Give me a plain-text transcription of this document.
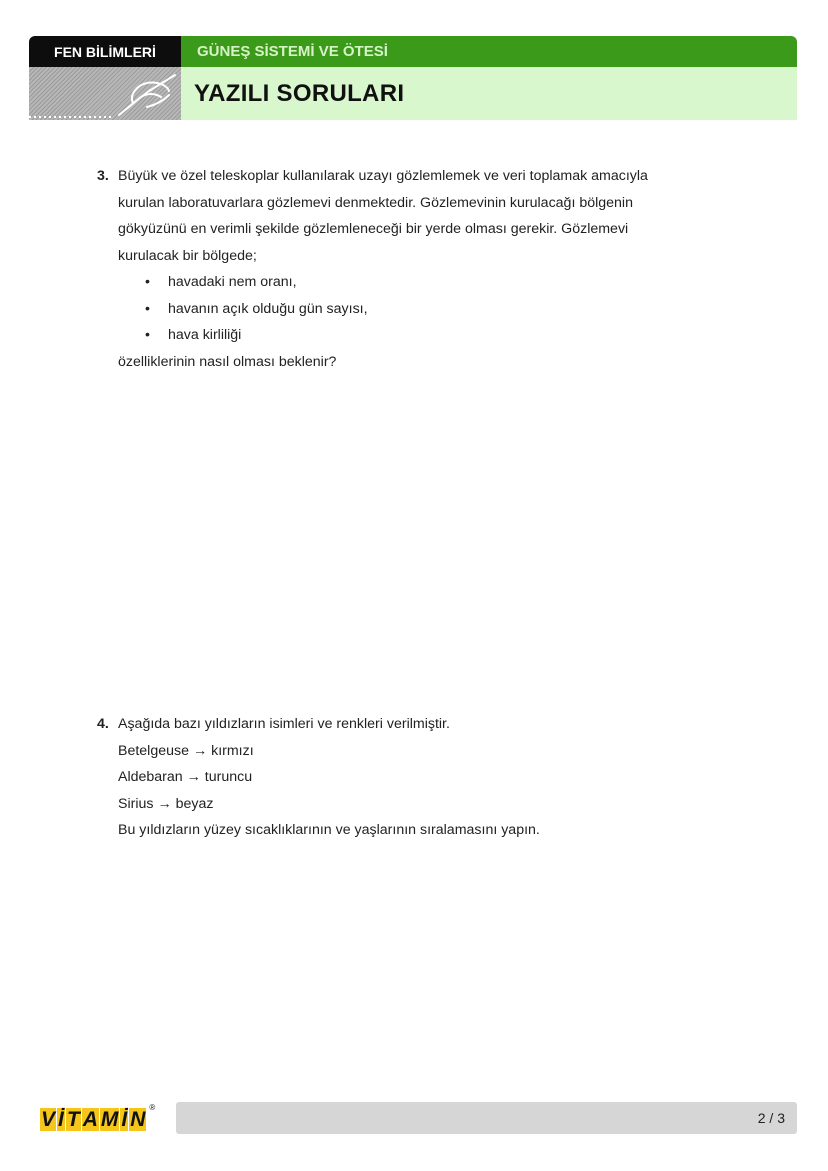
FEN BİLİMLERİ	GÜNEŞ SİSTEMİ VE ÖTESİ
YAZILI SORULARI
3. Büyük ve özel teleskoplar kullanılarak uzayı gözlemlemek ve veri toplamak amacıyla

kurulan laboratuvarlara gözlemevi denmektedir. Gözlemevinin kurulacağı bölgenin

gökyüzünü en verimli şekilde gözlemleneceği bir yerde olması gerekir. Gözlemevi

kurulacak bir bölgede;

• havadaki nem oranı,
• havanın açık olduğu gün sayısı,
• hava kirliliği

özelliklerinin nasıl olması beklenir?

4. Aşağıda bazı yıldızların isimleri ve renkleri verilmiştir.

Betelgeuse → kırmızı

Aldebaran → turuncu

Sirius → beyaz

Bu yıldızların yüzey sıcaklıklarının ve yaşlarının sıralamasını yapın.

V İ T A M İ N
®
2 / 3
